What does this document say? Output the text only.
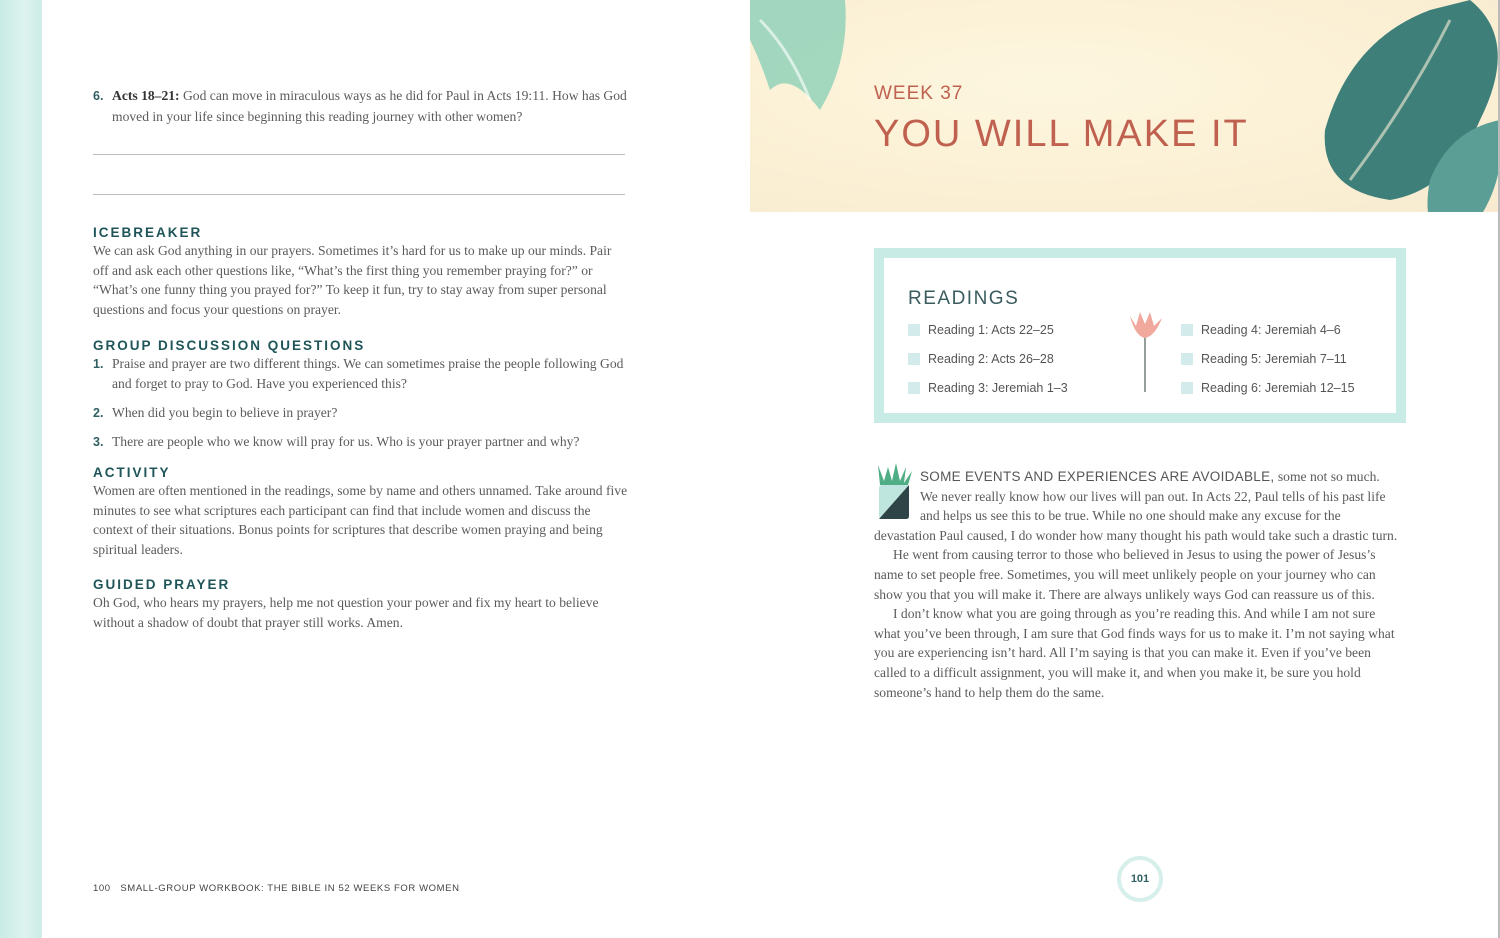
6. Acts 18–21: God can move in miraculous ways as he did for Paul in Acts 19:11. How has God moved in your life since beginning this reading journey with other women?
ICEBREAKER
We can ask God anything in our prayers. Sometimes it’s hard for us to make up our minds. Pair off and ask each other questions like, “What’s the first thing you remember praying for?” or “What’s one funny thing you prayed for?” To keep it fun, try to stay away from super personal questions and focus your questions on prayer.
GROUP DISCUSSION QUESTIONS
1. Praise and prayer are two different things. We can sometimes praise the people following God and forget to pray to God. Have you experienced this?
2. When did you begin to believe in prayer?
3. There are people who we know will pray for us. Who is your prayer partner and why?
ACTIVITY
Women are often mentioned in the readings, some by name and others unnamed. Take around five minutes to see what scriptures each participant can find that include women and discuss the context of their situations. Bonus points for scriptures that describe women praying and being spiritual leaders.
GUIDED PRAYER
Oh God, who hears my prayers, help me not question your power and fix my heart to believe without a shadow of doubt that prayer still works. Amen.
100 SMALL-GROUP WORKBOOK: THE BIBLE IN 52 WEEKS FOR WOMEN
WEEK 37
YOU WILL MAKE IT
READINGS
Reading 1: Acts 22–25
Reading 2: Acts 26–28
Reading 3: Jeremiah 1–3
Reading 4: Jeremiah 4–6
Reading 5: Jeremiah 7–11
Reading 6: Jeremiah 12–15
SOME EVENTS AND EXPERIENCES ARE AVOIDABLE, some not so much. We never really know how our lives will pan out. In Acts 22, Paul tells of his past life and helps us see this to be true. While no one should make any excuse for the devastation Paul caused, I do wonder how many thought his path would take such a drastic turn.
He went from causing terror to those who believed in Jesus to using the power of Jesus’s name to set people free. Sometimes, you will meet unlikely people on your journey who can show you that you will make it. There are always unlikely ways God can reassure us of this.
I don’t know what you are going through as you’re reading this. And while I am not sure what you’ve been through, I am sure that God finds ways for us to make it. I’m not saying what you are experiencing isn’t hard. All I’m saying is that you can make it. Even if you’ve been called to a difficult assignment, you will make it, and when you make it, be sure you hold someone’s hand to help them do the same.
101
